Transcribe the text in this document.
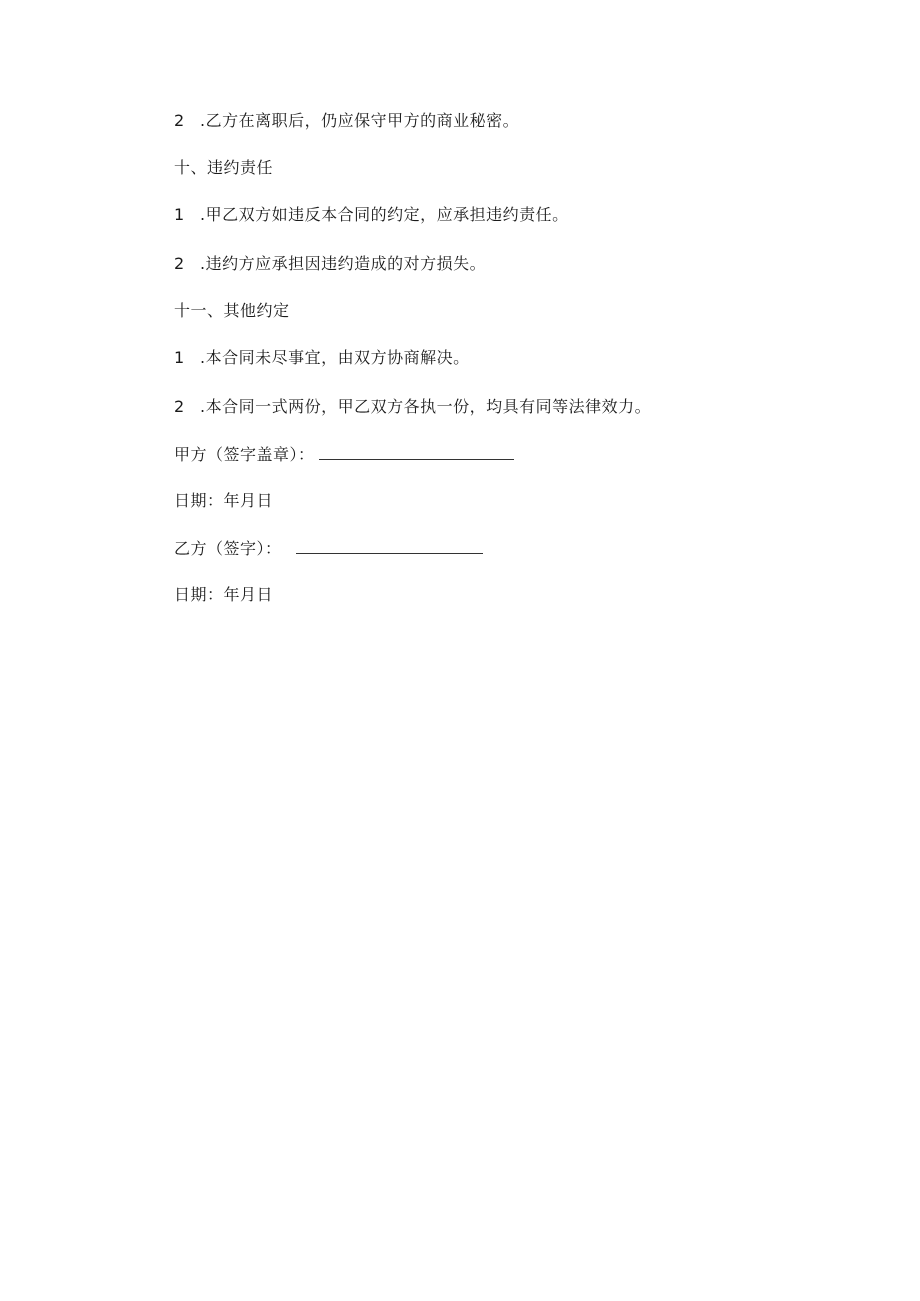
2 .乙方在离职后，仍应保守甲方的商业秘密。
十、违约责任
1 .甲乙双方如违反本合同的约定，应承担违约责任。
2 .违约方应承担因违约造成的对方损失。
十一、其他约定
1 .本合同未尽事宜，由双方协商解决。
2 .本合同一式两份，甲乙双方各执一份，均具有同等法律效力。
甲方（签字盖章）：
日期：年月日
乙方（签字）：
日期：年月日
